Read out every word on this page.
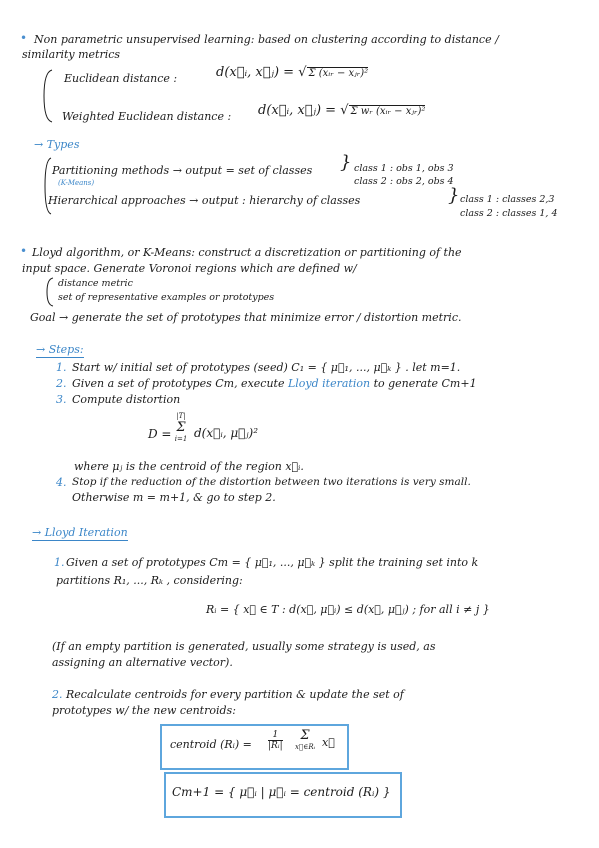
• Non parametric unsupervised learning: based on clustering according to distance /
similarity metrics
Euclidean distance :	d(x⃗ᵢ, x⃗ⱼ) = √ Σ (xᵢᵣ − xⱼᵣ)²
Weighted Euclidean distance : d(x⃗ᵢ, x⃗ⱼ) = √ Σ wᵣ (xᵢᵣ − xⱼᵣ)²
→ Types
Partitioning methods → output = set of classes
(K-Means)
} class 1 : obs 1, obs 3
class 2 : obs 2, obs 4
Hierarchical approaches → output : hierarchy of classes	} class 1 : classes 2,3
class 2 : classes 1, 4
• Lloyd algorithm, or K-Means: construct a discretization or partitioning of the
input space. Generate Voronoi regions which are defined w/
distance metric
set of representative examples or prototypes
Goal → generate the set of prototypes that minimize error / distortion metric.
→ Steps:
1. Start w/ initial set of prototypes (seed) C₁ = { μ⃗₁, ..., μ⃗ₖ } . let m=1.
2. Given a set of prototypes Cm, execute Lloyd iteration to generate Cm+1
3. Compute distortion
D =
|T|
Σ
i=1 d(x⃗ᵢ, μ⃗ⱼ)²
where μⱼ is the centroid of the region x⃗ᵢ.
4. Stop if the reduction of the distortion between two iterations is very small.
Otherwise m = m+1, & go to step 2.
→ Lloyd Iteration
1. Given a set of prototypes Cm = { μ⃗₁, ..., μ⃗ₖ } split the training set into k
partitions R₁, ..., Rₖ , considering:
Rᵢ = { x⃗ ∈ T : d(x⃗, μ⃗ᵢ) ≤ d(x⃗, μ⃗ⱼ) ; for all i ≠ j }
(If an empty partition is generated, usually some strategy is used, as
assigning an alternative vector).
2. Recalculate centroids for every partition & update the set of
prototypes w/ the new centroids:
centroid (Rᵢ) = $\frac{1}{\text{|Rᵢ|}}$	Σ
x⃗∈Rᵢ x⃗
Cm+1 = { μ⃗ᵢ | μ⃗ᵢ = centroid (Rᵢ) }
